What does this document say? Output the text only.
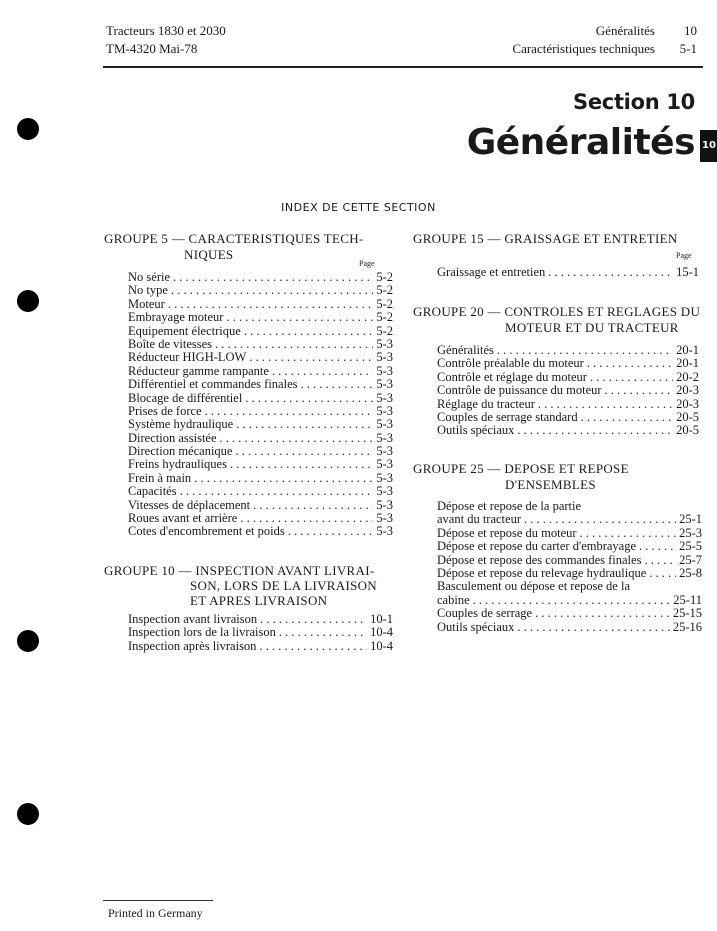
Tracteurs 1830 et 2030
TM-4320 Mai-78
Généralités 10
Caractéristiques techniques 5-1
Section 10
Généralités 10
INDEX DE CETTE SECTION
GROUPE 5 — CARACTERISTIQUES TECH-
NIQUES
Page
No série . . .	5-2
No type . . .	5-2
Moteur . . .	5-2
Embrayage moteur . . .	5-2
Equipement électrique . . .	5-2
Boîte de vitesses . . .	5-3
Réducteur HIGH-LOW . . .	5-3
Réducteur gamme rampante . . .	5-3
Différentiel et commandes finales . . .	5-3
Blocage de différentiel . . .	5-3
Prises de force . . .	5-3
Système hydraulique . . .	5-3
Direction assistée . . .	5-3
Direction mécanique . . .	5-3
Freins hydrauliques . . .	5-3
Frein à main . . .	5-3
Capacités . . .	5-3
Vitesses de déplacement . . .	5-3
Roues avant et arrière . . .	5-3
Cotes d'encombrement et poids . . .	5-3
GROUPE 10 — INSPECTION AVANT LIVRAI-
SON, LORS DE LA LIVRAISON
ET APRES LIVRAISON
Inspection avant livraison . . .	10-1
Inspection lors de la livraison . . .	10-4
Inspection après livraison . . .	10-4
GROUPE 15 — GRAISSAGE ET ENTRETIEN
Page
Graissage et entretien . . .	15-1
GROUPE 20 — CONTROLES ET REGLAGES DU
MOTEUR ET DU TRACTEUR
Généralités . . .	20-1
Contrôle préalable du moteur . . .	20-1
Contrôle et réglage du moteur . . .	20-2
Contrôle de puissance du moteur . . .	20-3
Réglage du tracteur . . .	20-3
Couples de serrage standard . . .	20-5
Outils spéciaux . . .	20-5
GROUPE 25 — DEPOSE ET REPOSE
D'ENSEMBLES
Dépose et repose de la partie
avant du tracteur . . .	25-1
Dépose et repose du moteur . . .	25-3
Dépose et repose du carter d'embrayage . . .	25-5
Dépose et repose des commandes finales . . .	25-7
Dépose et repose du relevage hydraulique . . .	25-8
Basculement ou dépose et repose de la
cabine . . .	25-11
Couples de serrage . . .	25-15
Outils spéciaux . . .	25-16
Printed in Germany
